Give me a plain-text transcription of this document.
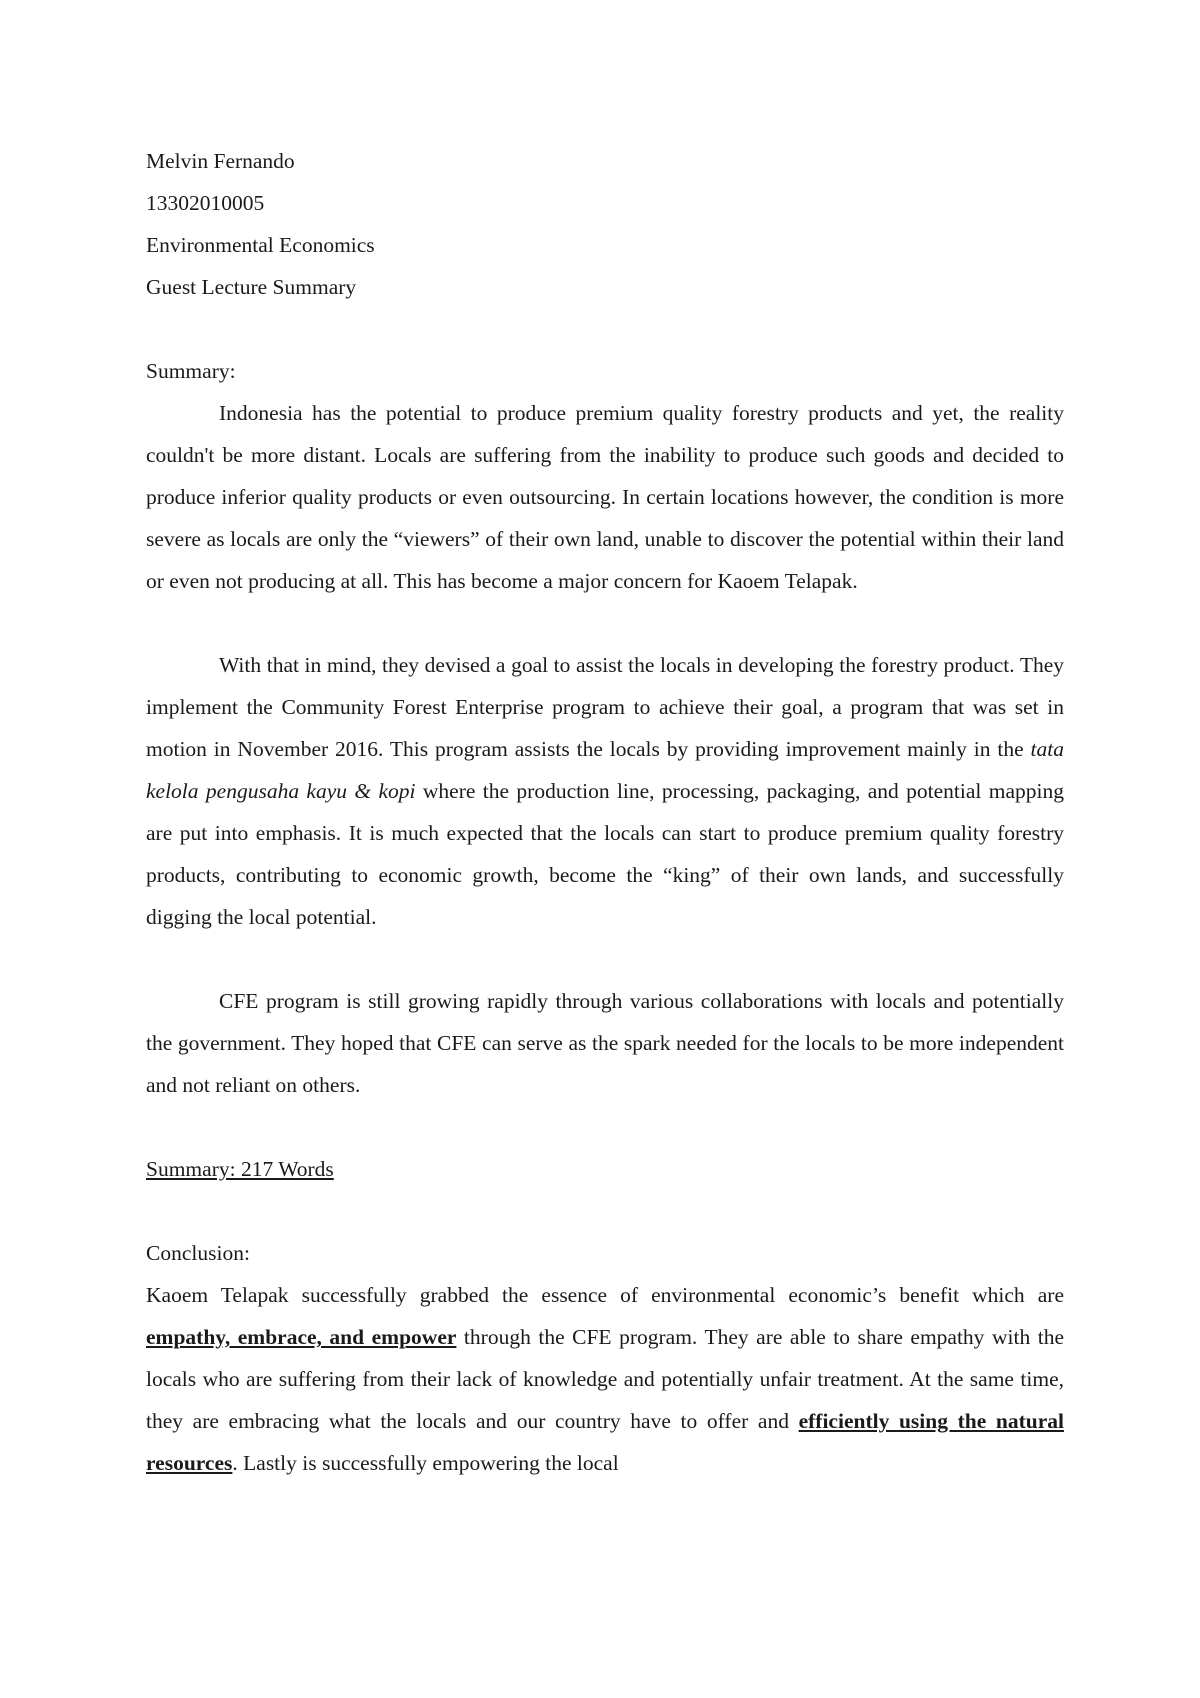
Melvin Fernando

13302010005

Environmental Economics

Guest Lecture Summary

Summary:

Indonesia has the potential to produce premium quality forestry products and yet, the reality couldn't be more distant. Locals are suffering from the inability to produce such goods and decided to produce inferior quality products or even outsourcing. In certain locations however, the condition is more severe as locals are only the “viewers” of their own land, unable to discover the potential within their land or even not producing at all. This has become a major concern for Kaoem Telapak.

With that in mind, they devised a goal to assist the locals in developing the forestry product. They implement the Community Forest Enterprise program to achieve their goal, a program that was set in motion in November 2016. This program assists the locals by providing improvement mainly in the tata kelola pengusaha kayu & kopi where the production line, processing, packaging, and potential mapping are put into emphasis. It is much expected that the locals can start to produce premium quality forestry products, contributing to economic growth, become the “king” of their own lands, and successfully digging the local potential.

CFE program is still growing rapidly through various collaborations with locals and potentially the government. They hoped that CFE can serve as the spark needed for the locals to be more independent and not reliant on others.

Summary: 217 Words

Conclusion:

Kaoem Telapak successfully grabbed the essence of environmental economic’s benefit which are empathy, embrace, and empower through the CFE program. They are able to share empathy with the locals who are suffering from their lack of knowledge and potentially unfair treatment. At the same time, they are embracing what the locals and our country have to offer and efficiently using the natural resources. Lastly is successfully empowering the local
